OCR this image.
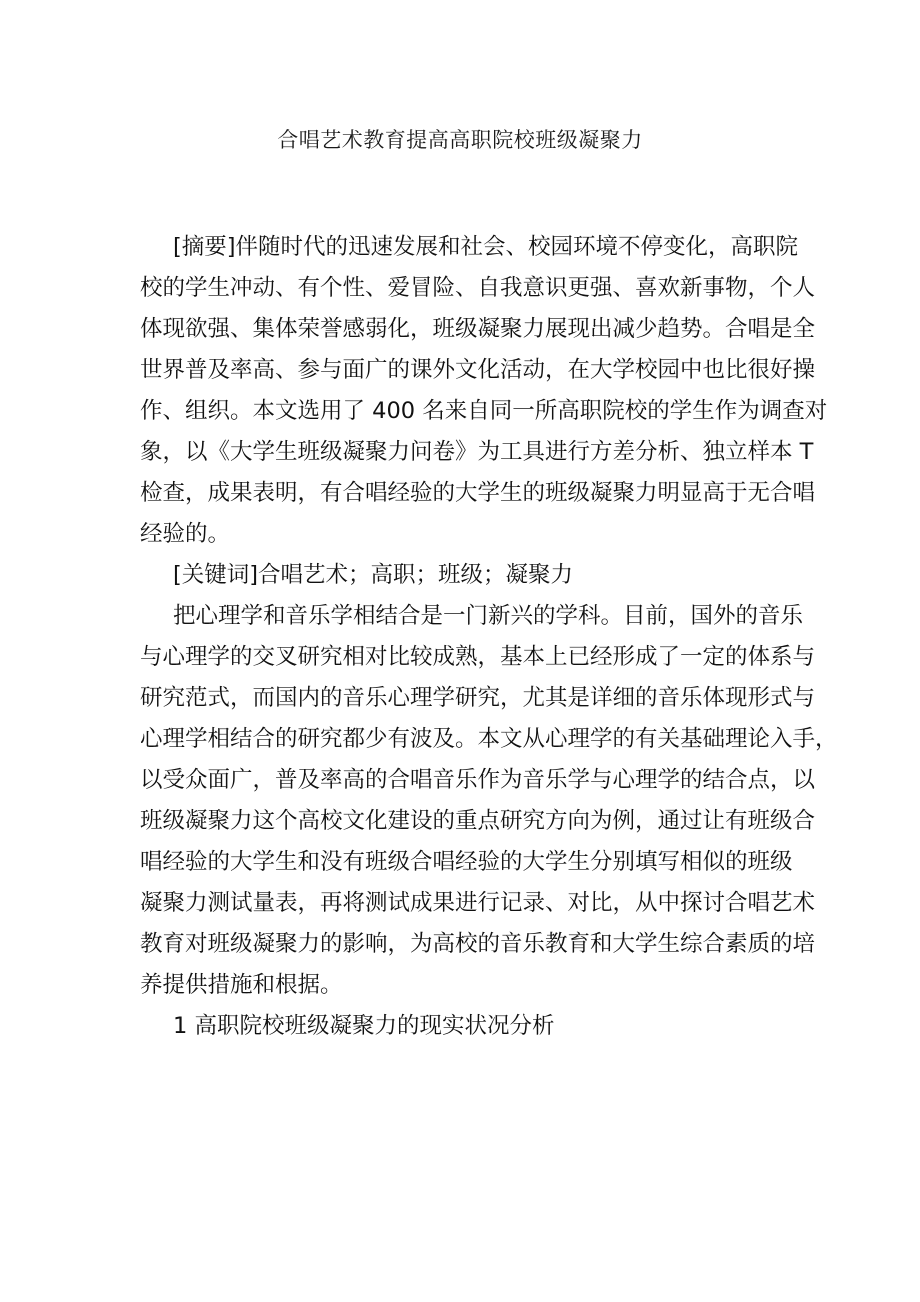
合唱艺术教育提高高职院校班级凝聚力
[摘要]伴随时代的迅速发展和社会、校园环境不停变化，高职院
校的学生冲动、有个性、爱冒险、自我意识更强、喜欢新事物，个人
体现欲强、集体荣誉感弱化，班级凝聚力展现出减少趋势。合唱是全
世界普及率高、参与面广的课外文化活动，在大学校园中也比很好操
作、组织。本文选用了 400 名来自同一所高职院校的学生作为调查对
象，以《大学生班级凝聚力问卷》为工具进行方差分析、独立样本 T
检查，成果表明，有合唱经验的大学生的班级凝聚力明显高于无合唱
经验的。
[关键词]合唱艺术；高职；班级；凝聚力
把心理学和音乐学相结合是一门新兴的学科。目前，国外的音乐
与心理学的交叉研究相对比较成熟，基本上已经形成了一定的体系与
研究范式，而国内的音乐心理学研究，尤其是详细的音乐体现形式与
心理学相结合的研究都少有波及。本文从心理学的有关基础理论入手，
以受众面广，普及率高的合唱音乐作为音乐学与心理学的结合点，以
班级凝聚力这个高校文化建设的重点研究方向为例，通过让有班级合
唱经验的大学生和没有班级合唱经验的大学生分别填写相似的班级
凝聚力测试量表，再将测试成果进行记录、对比，从中探讨合唱艺术
教育对班级凝聚力的影响，为高校的音乐教育和大学生综合素质的培
养提供措施和根据。
1 高职院校班级凝聚力的现实状况分析
